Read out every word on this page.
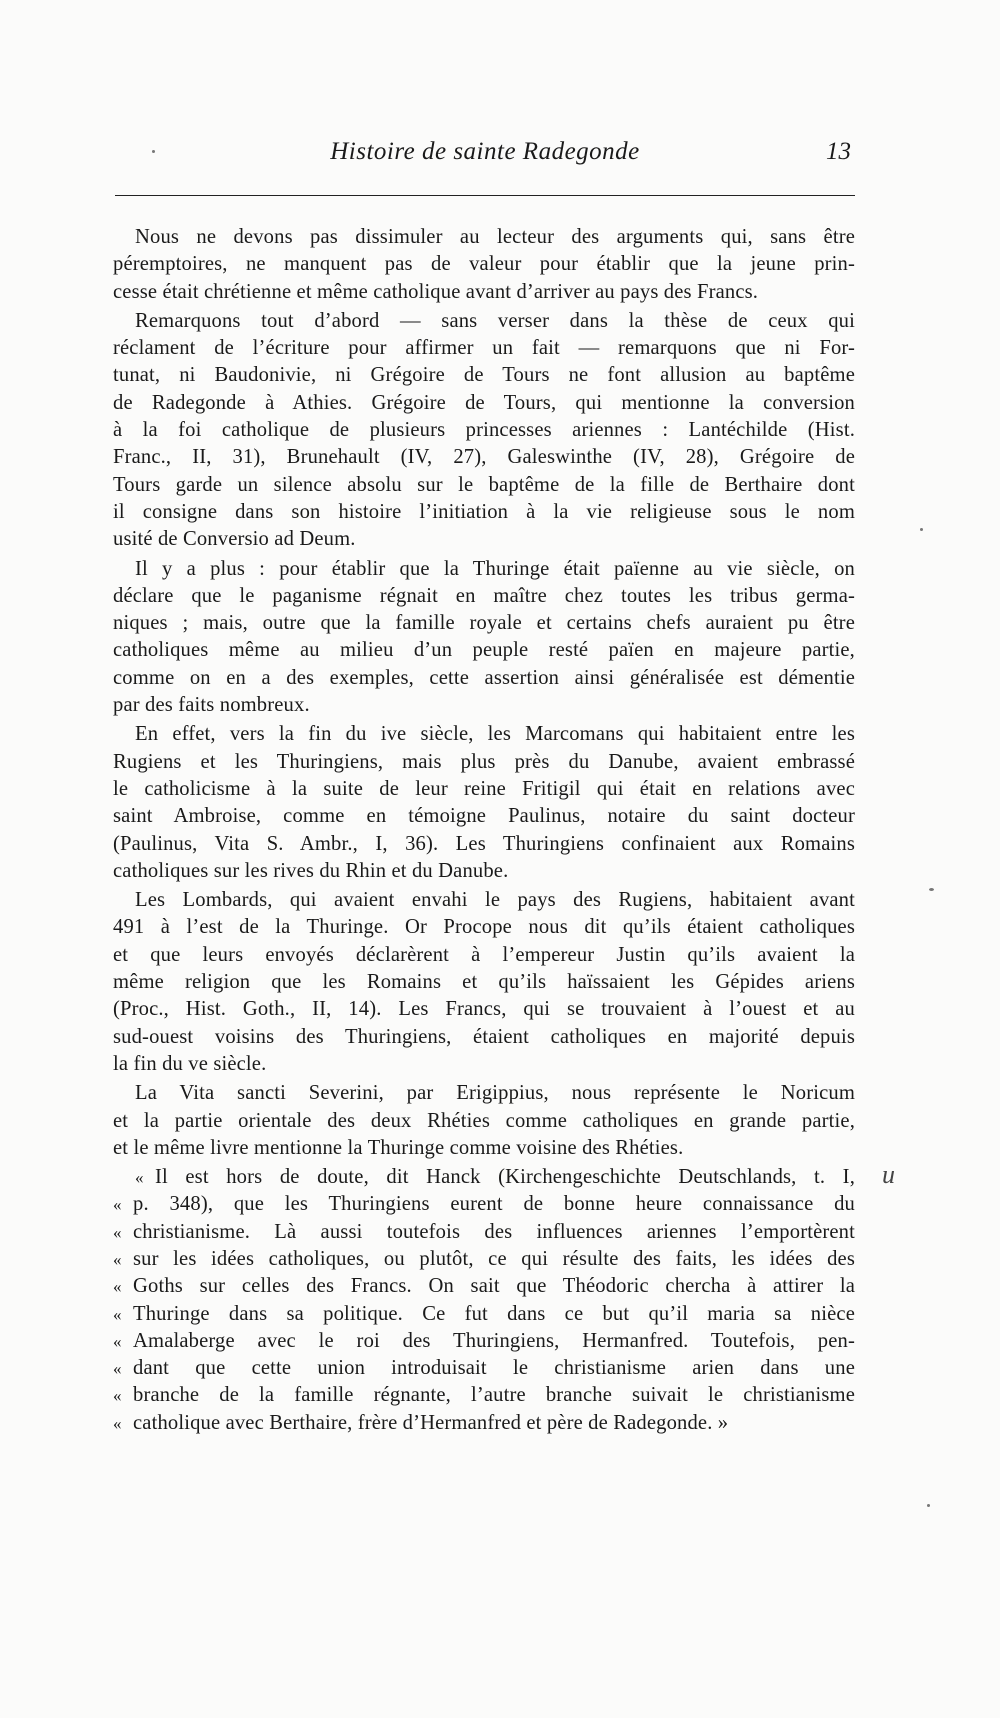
Histoire de sainte Radegonde	13

Nous ne devons pas dissimuler au lecteur des arguments qui, sans être
péremptoires, ne manquent pas de valeur pour établir que la jeune prin-
cesse était chrétienne et même catholique avant d’arriver au pays des Francs.

Remarquons tout d’abord — sans verser dans la thèse de ceux qui
réclament de l’écriture pour affirmer un fait — remarquons que ni For-
tunat, ni Baudonivie, ni Grégoire de Tours ne font allusion au baptême
de Radegonde à Athies. Grégoire de Tours, qui mentionne la conversion
à la foi catholique de plusieurs princesses ariennes : Lantéchilde (Hist.
Franc., II, 31), Brunehault (IV, 27), Galeswinthe (IV, 28), Grégoire de
Tours garde un silence absolu sur le baptême de la fille de Berthaire dont
il consigne dans son histoire l’initiation à la vie religieuse sous le nom
usité de Conversio ad Deum.

Il y a plus : pour établir que la Thuringe était païenne au vie siècle, on
déclare que le paganisme régnait en maître chez toutes les tribus germa-
niques ; mais, outre que la famille royale et certains chefs auraient pu être
catholiques même au milieu d’un peuple resté païen en majeure partie,
comme on en a des exemples, cette assertion ainsi généralisée est démentie
par des faits nombreux.

En effet, vers la fin du ive siècle, les Marcomans qui habitaient entre les
Rugiens et les Thuringiens, mais plus près du Danube, avaient embrassé
le catholicisme à la suite de leur reine Fritigil qui était en relations avec
saint Ambroise, comme en témoigne Paulinus, notaire du saint docteur
(Paulinus, Vita S. Ambr., I, 36). Les Thuringiens confinaient aux Romains
catholiques sur les rives du Rhin et du Danube.

Les Lombards, qui avaient envahi le pays des Rugiens, habitaient avant
491 à l’est de la Thuringe. Or Procope nous dit qu’ils étaient catholiques
et que leurs envoyés déclarèrent à l’empereur Justin qu’ils avaient la
même religion que les Romains et qu’ils haïssaient les Gépides ariens
(Proc., Hist. Goth., II, 14). Les Francs, qui se trouvaient à l’ouest et au
sud-ouest voisins des Thuringiens, étaient catholiques en majorité depuis
la fin du ve siècle.

La Vita sancti Severini, par Erigippius, nous représente le Noricum
et la partie orientale des deux Rhéties comme catholiques en grande partie,
et le même livre mentionne la Thuringe comme voisine des Rhéties.

« Il est hors de doute, dit Hanck (Kirchengeschichte Deutschlands, t. I,
« p. 348), que les Thuringiens eurent de bonne heure connaissance du
« christianisme. Là aussi toutefois des influences ariennes l’emportèrent
« sur les idées catholiques, ou plutôt, ce qui résulte des faits, les idées des
« Goths sur celles des Francs. On sait que Théodoric chercha à attirer la
« Thuringe dans sa politique. Ce fut dans ce but qu’il maria sa nièce
« Amalaberge avec le roi des Thuringiens, Hermanfred. Toutefois, pen-
« dant que cette union introduisait le christianisme arien dans une
« branche de la famille régnante, l’autre branche suivait le christianisme
« catholique avec Berthaire, frère d’Hermanfred et père de Radegonde. »

u
